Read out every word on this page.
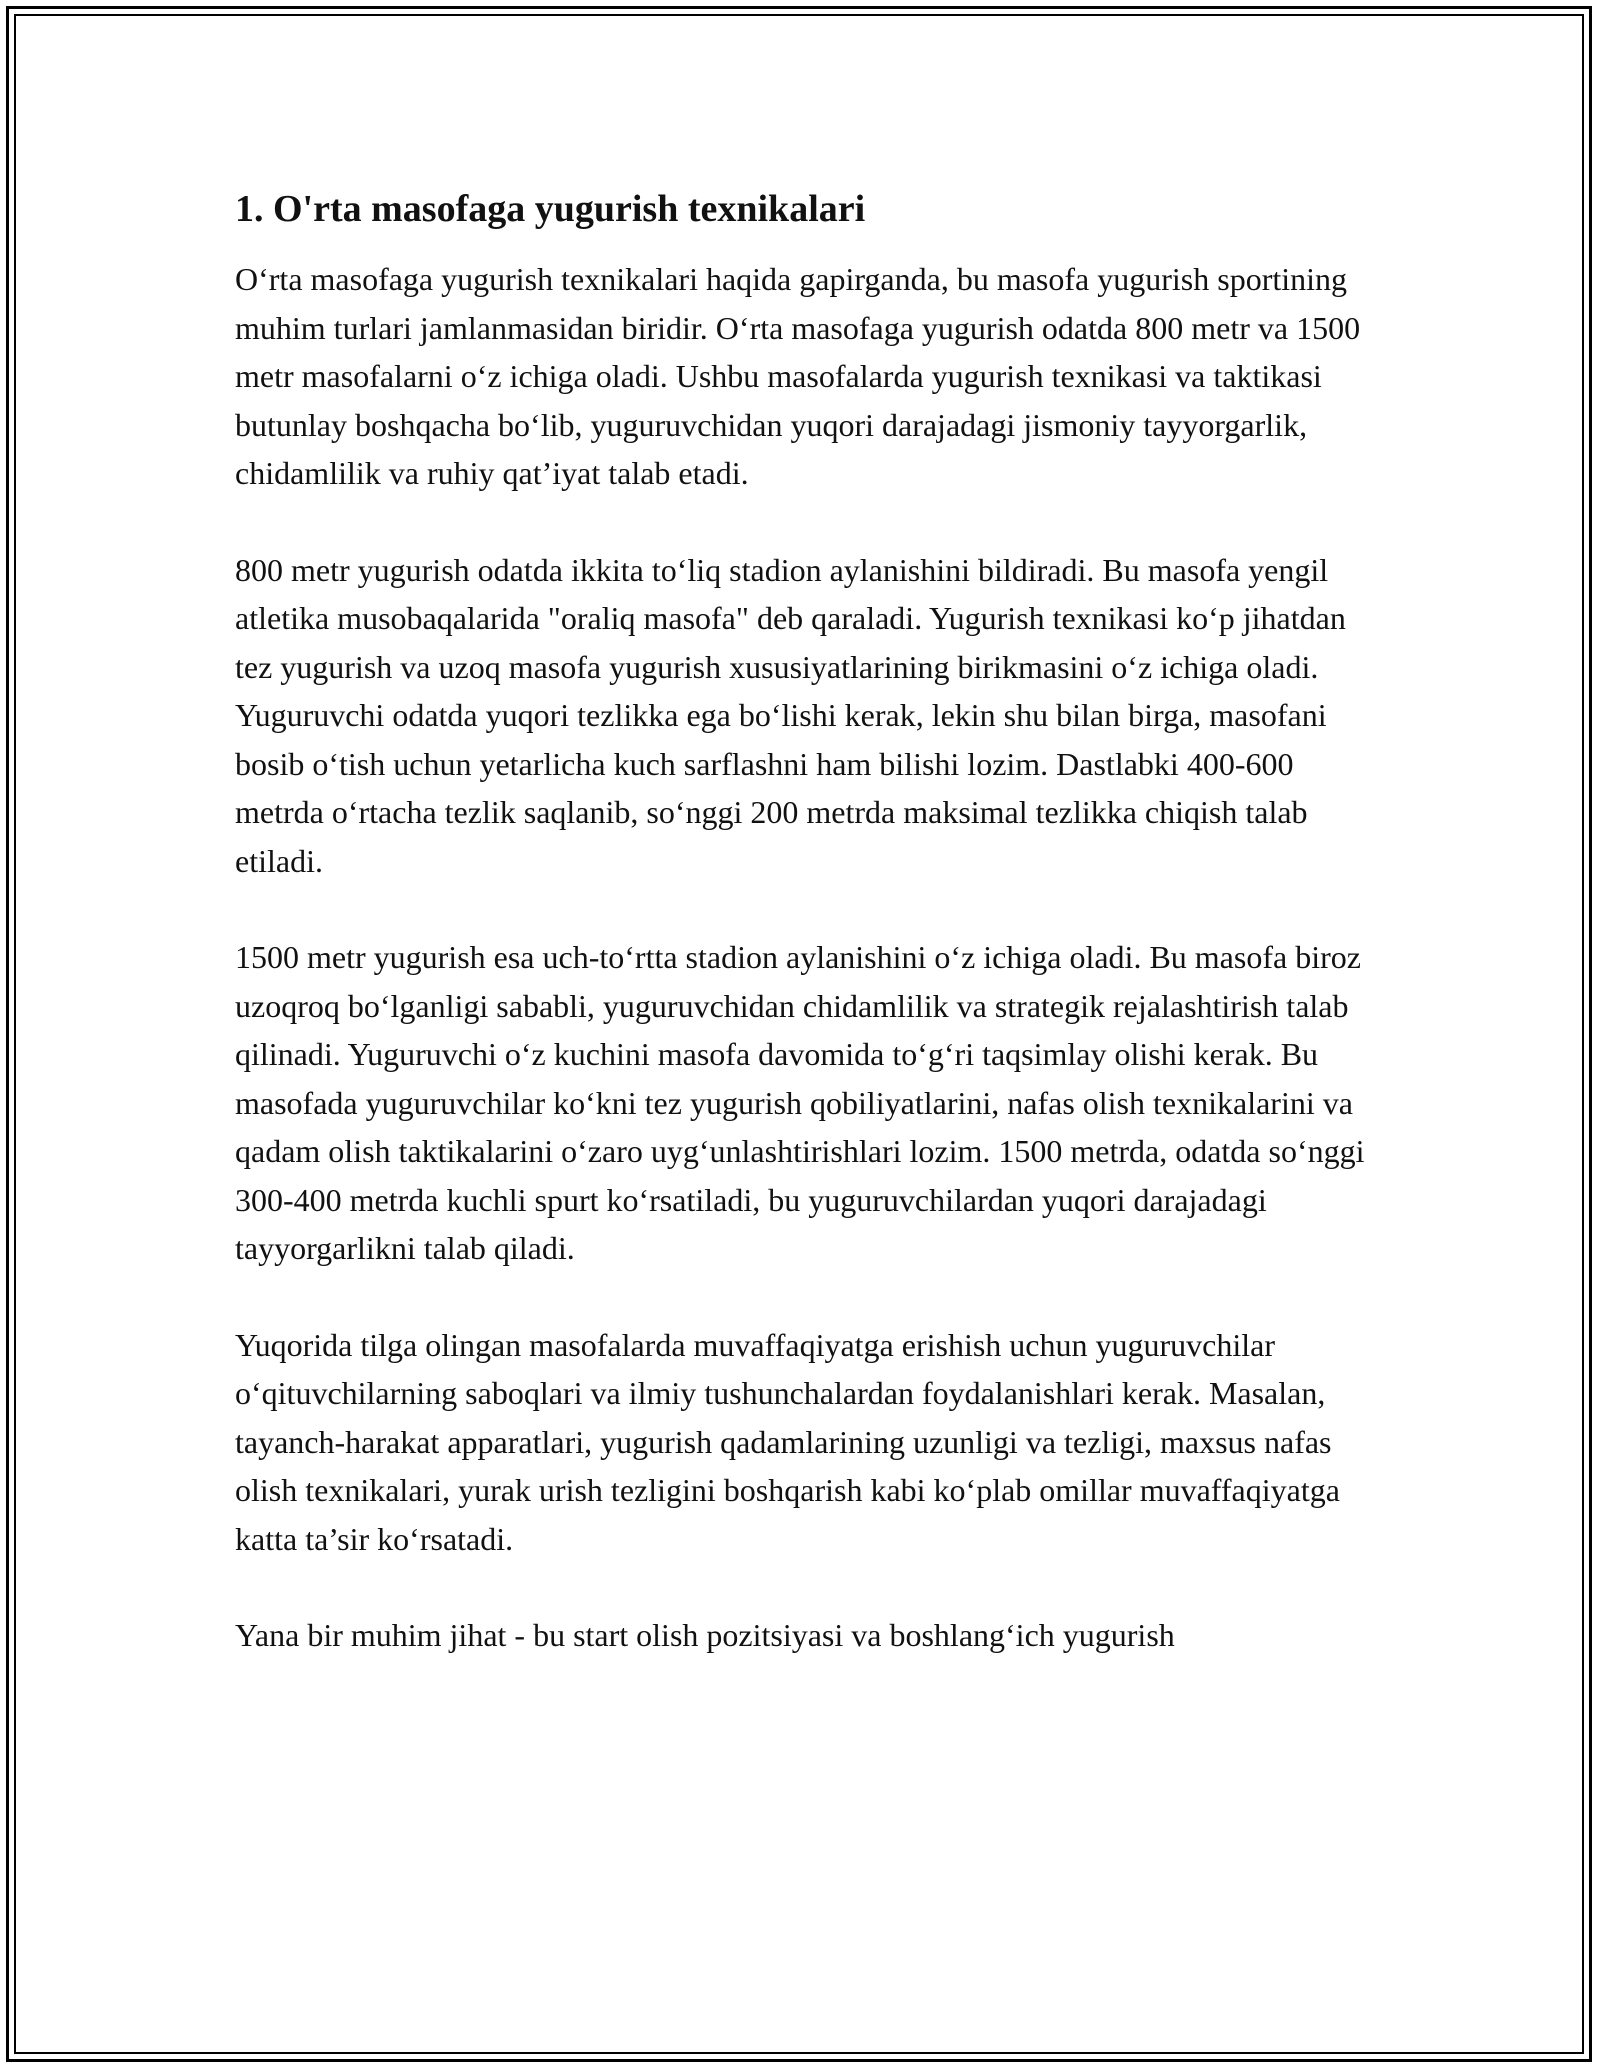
1. O'rta masofaga yugurish texnikalari

O‘rta masofaga yugurish texnikalari haqida gapirganda, bu masofa yugurish sportining muhim turlari jamlanmasidan biridir. O‘rta masofaga yugurish odatda 800 metr va 1500 metr masofalarni o‘z ichiga oladi. Ushbu masofalarda yugurish texnikasi va taktikasi butunlay boshqacha bo‘lib, yuguruvchidan yuqori darajadagi jismoniy tayyorgarlik, chidamlilik va ruhiy qat’iyat talab etadi.

800 metr yugurish odatda ikkita to‘liq stadion aylanishini bildiradi. Bu masofa yengil atletika musobaqalarida "oraliq masofa" deb qaraladi. Yugurish texnikasi ko‘p jihatdan tez yugurish va uzoq masofa yugurish xususiyatlarining birikmasini o‘z ichiga oladi. Yuguruvchi odatda yuqori tezlikka ega bo‘lishi kerak, lekin shu bilan birga, masofani bosib o‘tish uchun yetarlicha kuch sarflashni ham bilishi lozim. Dastlabki 400-600 metrda o‘rtacha tezlik saqlanib, so‘nggi 200 metrda maksimal tezlikka chiqish talab etiladi.

1500 metr yugurish esa uch-to‘rtta stadion aylanishini o‘z ichiga oladi. Bu masofa biroz uzoqroq bo‘lganligi sababli, yuguruvchidan chidamlilik va strategik rejalashtirish talab qilinadi. Yuguruvchi o‘z kuchini masofa davomida to‘g‘ri taqsimlay olishi kerak. Bu masofada yuguruvchilar ko‘kni tez yugurish qobiliyatlarini, nafas olish texnikalarini va qadam olish taktikalarini o‘zaro uyg‘unlashtirishlari lozim. 1500 metrda, odatda so‘nggi 300-400 metrda kuchli spurt ko‘rsatiladi, bu yuguruvchilardan yuqori darajadagi tayyorgarlikni talab qiladi.

Yuqorida tilga olingan masofalarda muvaffaqiyatga erishish uchun yuguruvchilar o‘qituvchilarning saboqlari va ilmiy tushunchalardan foydalanishlari kerak. Masalan, tayanch-harakat apparatlari, yugurish qadamlarining uzunligi va tezligi, maxsus nafas olish texnikalari, yurak urish tezligini boshqarish kabi ko‘plab omillar muvaffaqiyatga katta ta’sir ko‘rsatadi.

Yana bir muhim jihat - bu start olish pozitsiyasi va boshlang‘ich yugurish
